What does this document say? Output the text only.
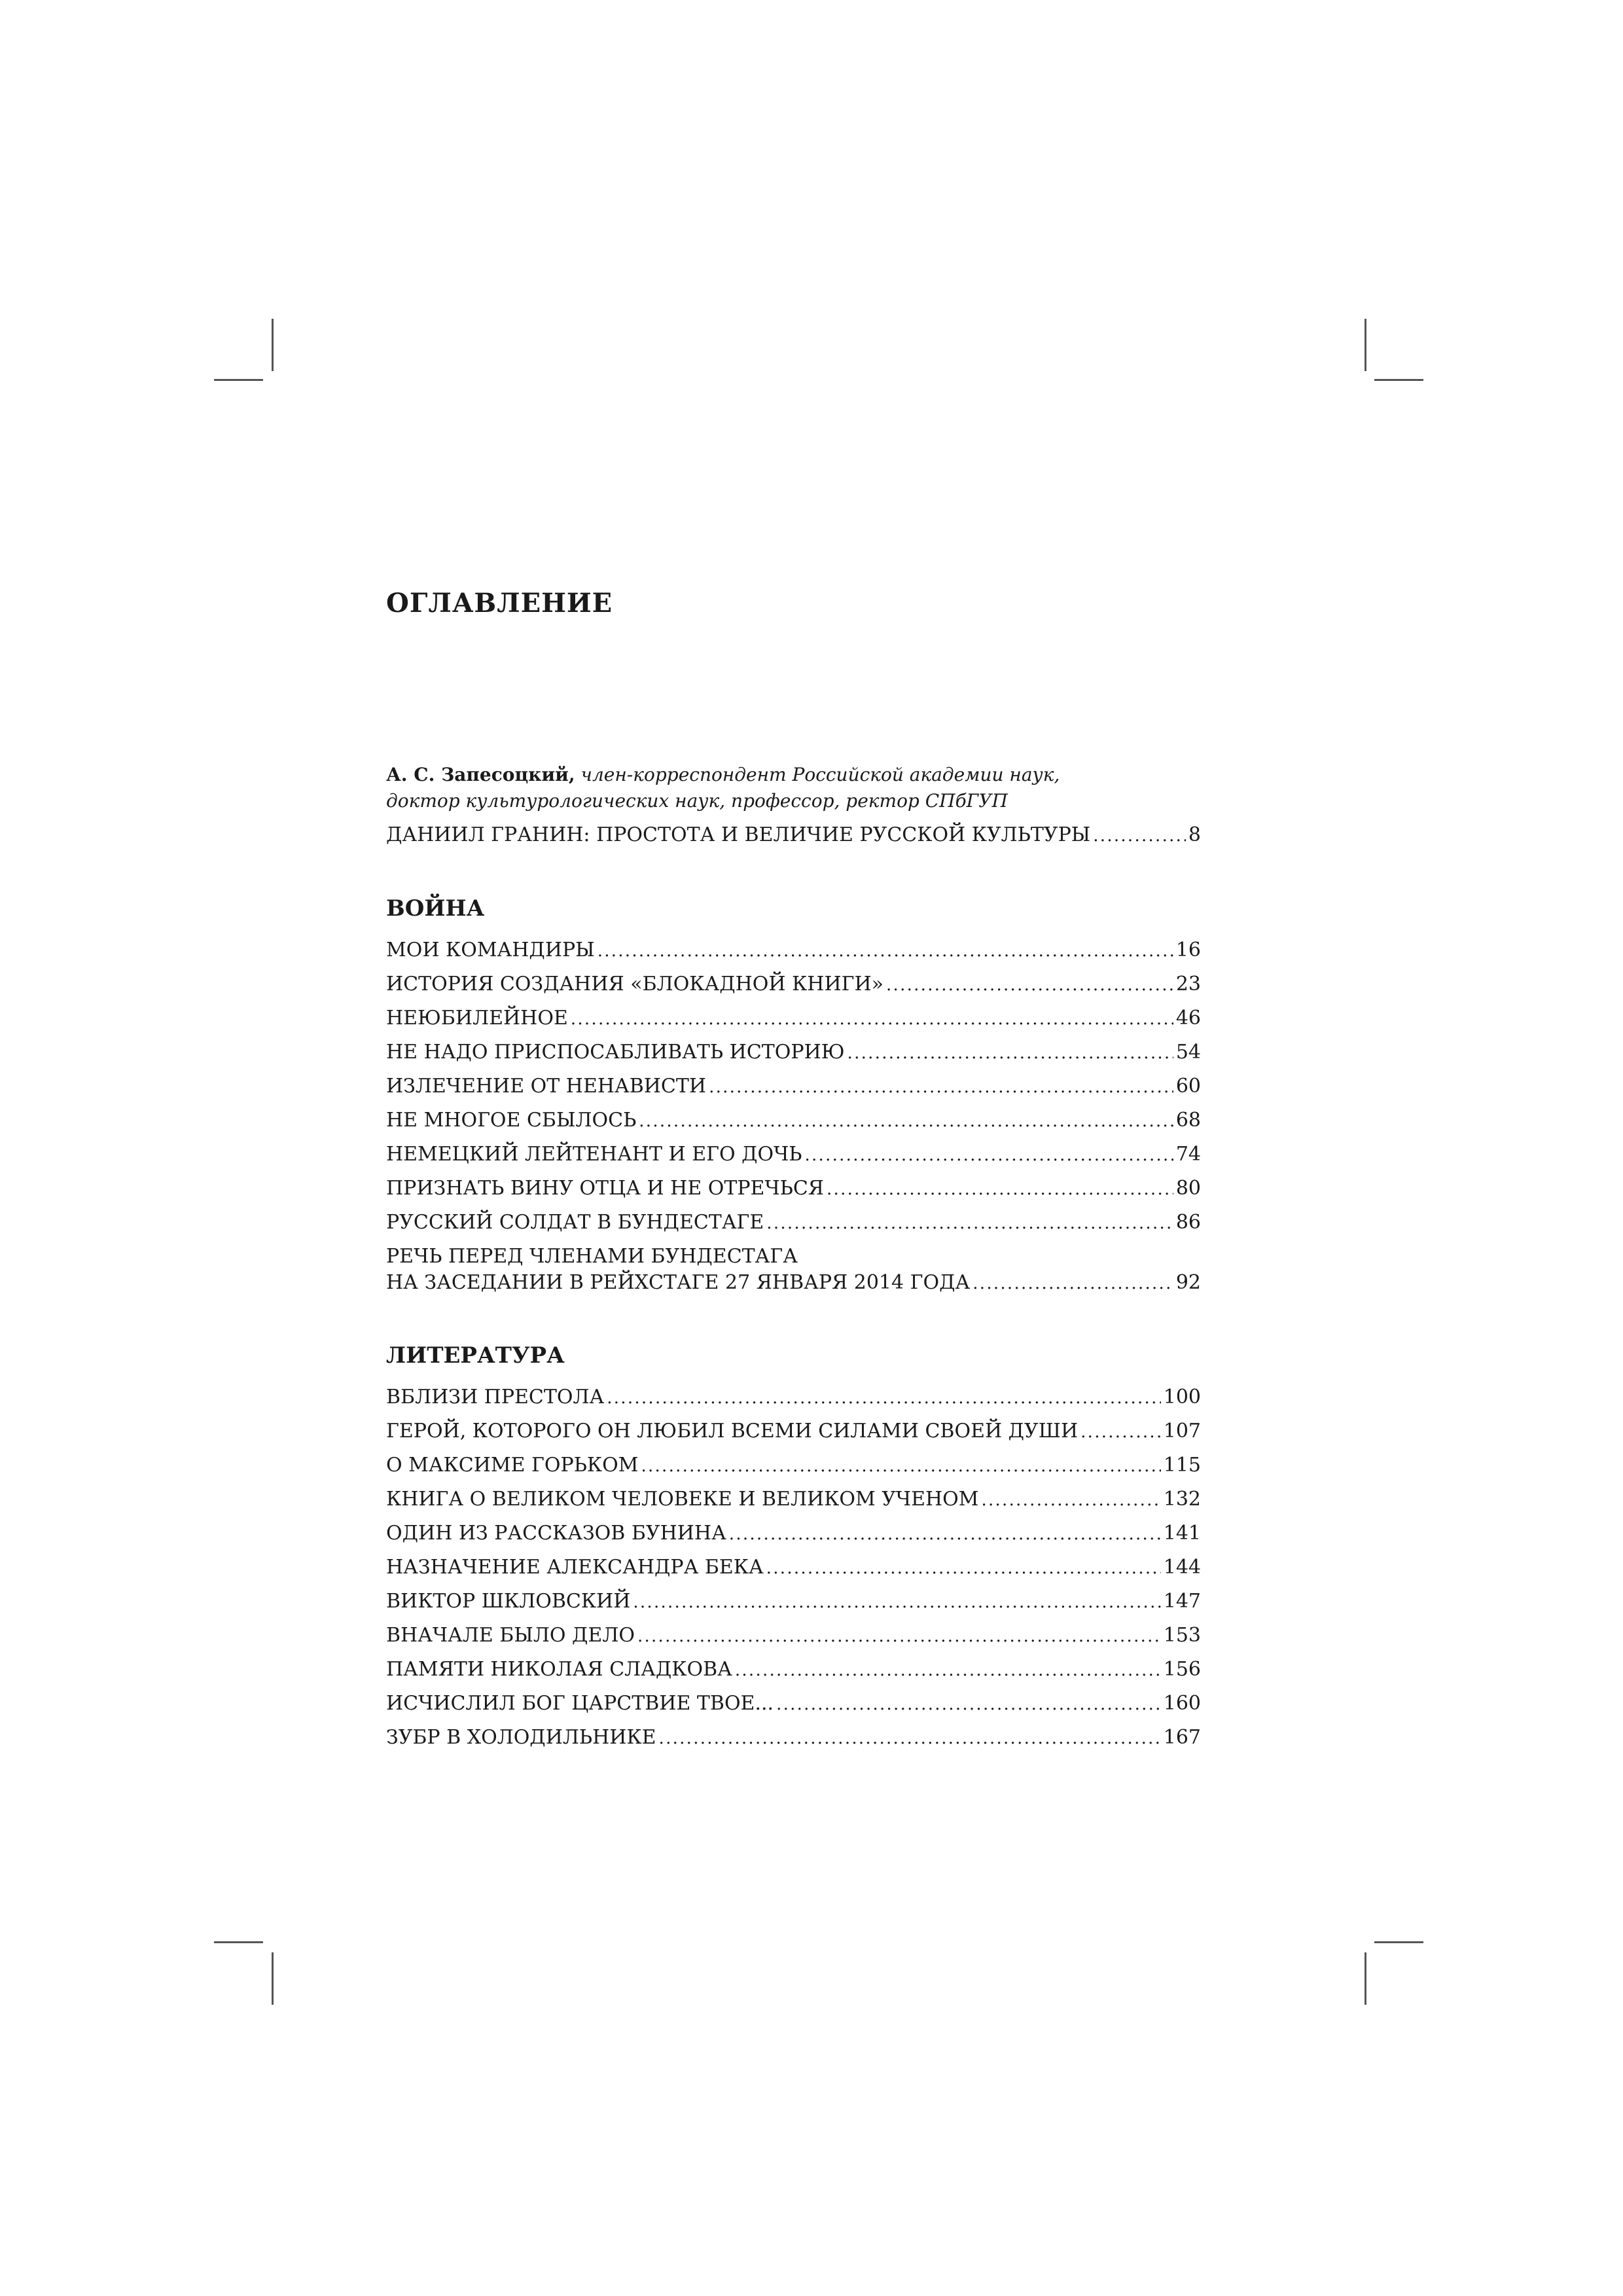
ОГЛАВЛЕНИЕ
А. С. Запесоцкий, член-корреспондент Российской академии наук,
доктор культурологических наук, профессор, ректор СПбГУП
ДАНИИЛ ГРАНИН: ПРОСТОТА И ВЕЛИЧИЕ РУССКОЙ КУЛЬТУРЫ . . .	8
ВОЙНА
МОИ КОМАНДИРЫ . . .	16
ИСТОРИЯ СОЗДАНИЯ «БЛОКАДНОЙ КНИГИ» . . .	23
НЕЮБИЛЕЙНОЕ . . .	46
НЕ НАДО ПРИСПОСАБЛИВАТЬ ИСТОРИЮ . . .	54
ИЗЛЕЧЕНИЕ ОТ НЕНАВИСТИ . . .	60
НЕ МНОГОЕ СБЫЛОСЬ . . .	68
НЕМЕЦКИЙ ЛЕЙТЕНАНТ И ЕГО ДОЧЬ . . .	74
ПРИЗНАТЬ ВИНУ ОТЦА И НЕ ОТРЕЧЬСЯ . . .	80
РУССКИЙ СОЛДАТ В БУНДЕСТАГЕ . . .	86
РЕЧЬ ПЕРЕД ЧЛЕНАМИ БУНДЕСТАГА
НА ЗАСЕДАНИИ В РЕЙХСТАГЕ 27 ЯНВАРЯ 2014 ГОДА . . .	92
ЛИТЕРАТУРА
ВБЛИЗИ ПРЕСТОЛА . . .	100
ГЕРОЙ, КОТОРОГО ОН ЛЮБИЛ ВСЕМИ СИЛАМИ СВОЕЙ ДУШИ . . .	107
О МАКСИМЕ ГОРЬКОМ . . .	115
КНИГА О ВЕЛИКОМ ЧЕЛОВЕКЕ И ВЕЛИКОМ УЧЕНОМ . . .	132
ОДИН ИЗ РАССКАЗОВ БУНИНА . . .	141
НАЗНАЧЕНИЕ АЛЕКСАНДРА БЕКА . . .	144
ВИКТОР ШКЛОВСКИЙ . . .	147
ВНАЧАЛЕ БЫЛО ДЕЛО . . .	153
ПАМЯТИ НИКОЛАЯ СЛАДКОВА . . .	156
ИСЧИСЛИЛ БОГ ЦАРСТВИЕ ТВОЕ... . . .	160
ЗУБР В ХОЛОДИЛЬНИКЕ . . .	167
